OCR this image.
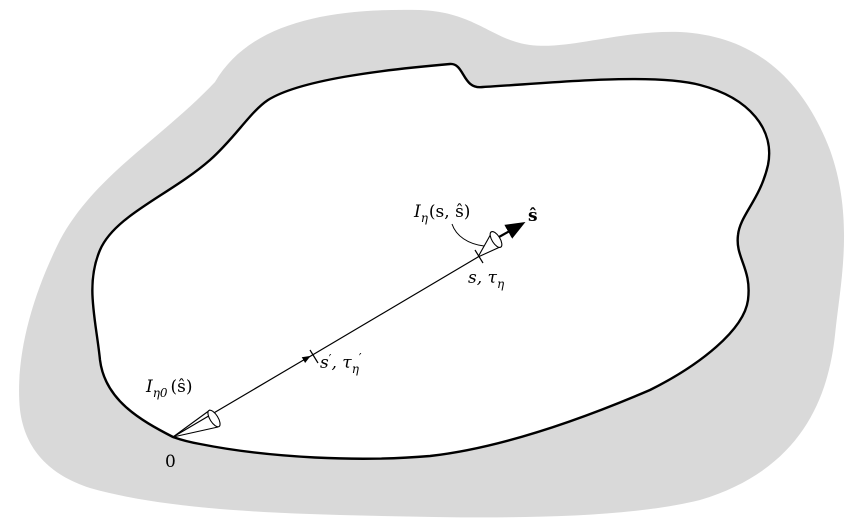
0
$I_{\eta 0}$ (ŝ)
$I_\eta(s$, ŝ)	ŝ
s′, $\tau_\eta'$
s, $\tau_\eta$
